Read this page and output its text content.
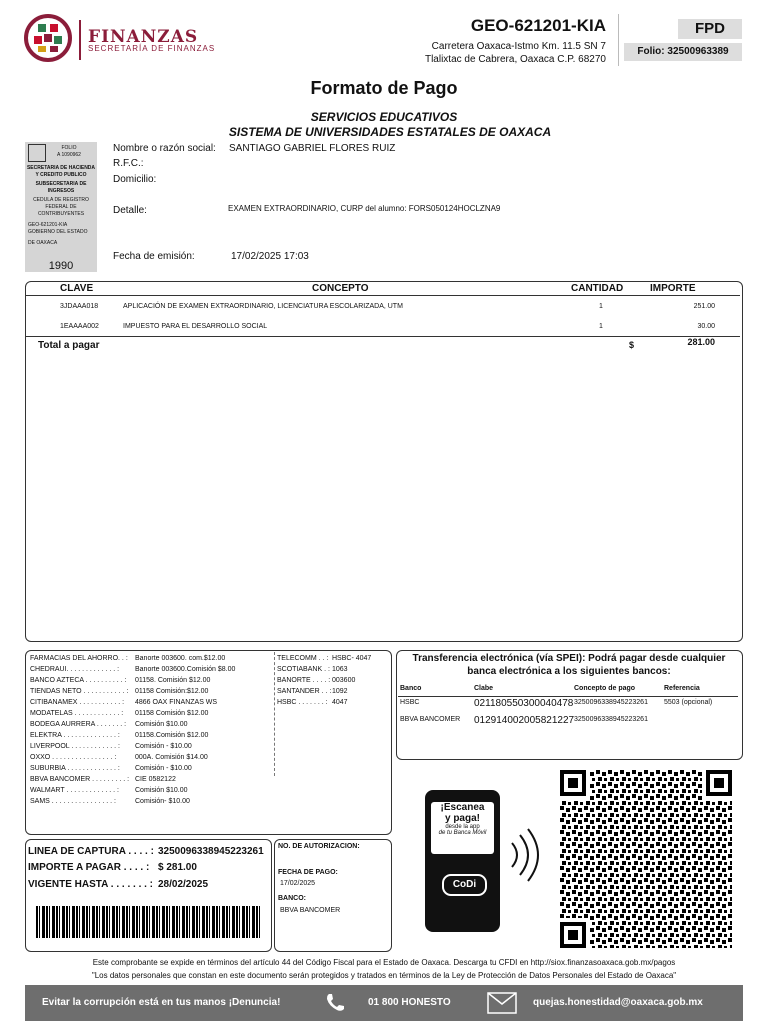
FINANZAS
SECRETARÍA DE FINANZAS
GEO-621201-KIA
Carretera Oaxaca-Istmo Km. 11.5 SN 7
Tlalixtac de Cabrera, Oaxaca C.P. 68270
FPD
Folio: 32500963389
Formato de Pago
SERVICIOS EDUCATIVOS
SISTEMA DE UNIVERSIDADES ESTATALES DE OAXACA
FOLIO
A 1090962
SECRETARIA DE HACIENDA
Y CREDITO PUBLICO
SUBSECRETARIA DE INGRESOS
CEDULA DE REGISTRO
FEDERAL DE CONTRIBUYENTES
GEO-621201-KIA
GOBIERNO DEL ESTADO
DE OAXACA
1990
Nombre o razón social: SANTIAGO GABRIEL FLORES RUIZ
R.F.C.:
Domicilio:
Detalle:	EXAMEN EXTRAORDINARIO, CURP del alumno: FORS050124HOCLZNA9
Fecha de emisión:	17/02/2025 17:03
CLAVE	CONCEPTO	CANTIDAD	IMPORTE
3JDAAA018	APLICACIÓN DE EXAMEN EXTRAORDINARIO, LICENCIATURA ESCOLARIZADA, UTM	1	251.00
1EAAAA002	IMPUESTO PARA EL DESARROLLO SOCIAL	1	30.00
Total a pagar	$	281.00
FARMACIAS DEL AHORRO. . :	Banorte 003600. com.$12.00
CHEDRAUI. . . . . . . . . . . . . :	Banorte 003600.Comisión $8.00
BANCO AZTECA . . . . . . . . . . :	01158. Comisión $12.00
TIENDAS NETO . . . . . . . . . . . : 01158 Comisión:$12.00
CITIBANAMEX . . . . . . . . . . . :	4866 OAX FINANZAS WS
MODATELAS . . . . . . . . . . . . :	01158 Comisión $12.00
BODEGA AURRERA . . . . . . . :	Comisión $10.00
ELEKTRA . . . . . . . . . . . . . . :	01158.Comisión $12.00
LIVERPOOL . . . . . . . . . . . . :	Comisión - $10.00
OXXO . . . . . . . . . . . . . . . . :	000A. Comisión $14.00
SUBURBIA . . . . . . . . . . . . . :	Comisión - $10.00
BBVA BANCOMER . . . . . . . . . : CIE 0582122
WALMART . . . . . . . . . . . . . :	Comisión $10.00
SAMS . . . . . . . . . . . . . . . . :	Comisión- $10.00
TELECOMM . . : HSBC- 4047
SCOTIABANK . : 1063
BANORTE . . . . : 003600
SANTANDER . . : 1092
HSBC . . . . . . . : 4047
Transferencia electrónica (vía SPEI): Podrá pagar desde cualquier banca electrónica a los siguientes bancos:
Banco	Clabe	Concepto de pago	Referencia
HSBC	021180550300040478 3250096338945223261 5503 (opcional)
BBVA BANCOMER 012914002005821227 3250096338945223261
LINEA DE CAPTURA . . . . : 3250096338945223261
IMPORTE A PAGAR . . . . : $ 281.00
VIGENTE HASTA . . . . . . . : 28/02/2025
NO. DE AUTORIZACION:
FECHA DE PAGO:
17/02/2025
BANCO:
BBVA BANCOMER
¡Escanea
y paga!
desde la app
de tu Banca Móvil
CoDi
Este comprobante se expide en términos del artículo 44 del Código Fiscal para el Estado de Oaxaca. Descarga tu CFDI en http://siox.finanzasoaxaca.gob.mx/pagos
"Los datos personales que constan en este documento serán protegidos y tratados en términos de la Ley de Protección de Datos Personales del Estado de Oaxaca"
Evitar la corrupción está en tus manos ¡Denuncia!	01 800 HONESTO	quejas.honestidad@oaxaca.gob.mx
